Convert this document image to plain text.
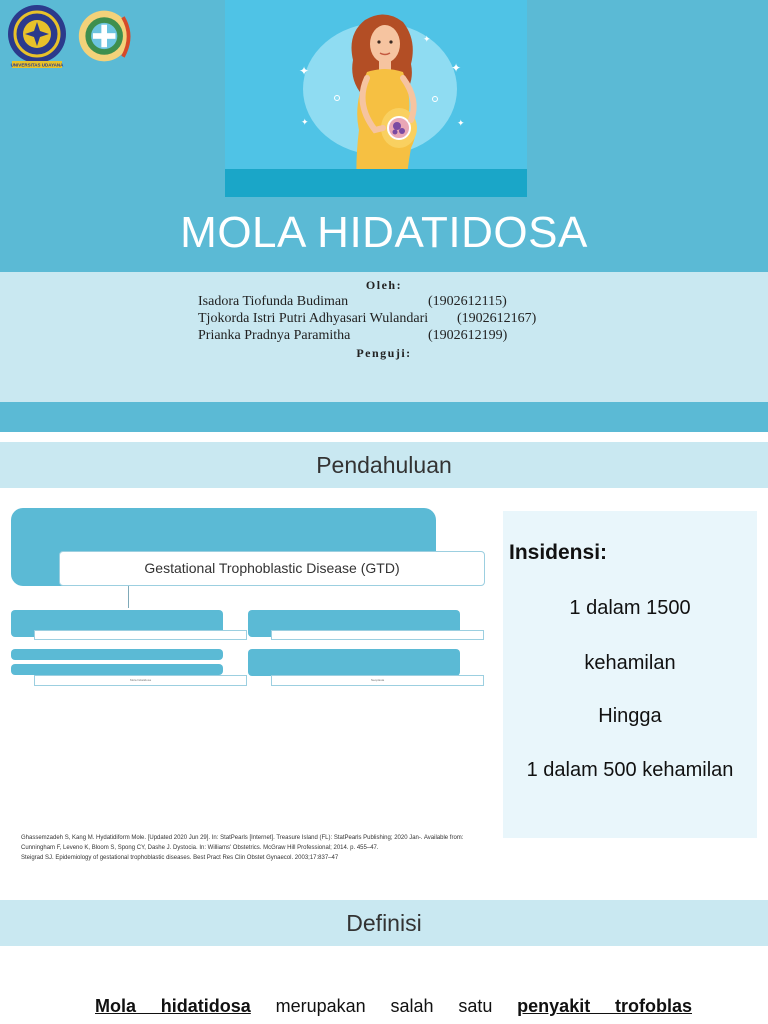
UNIVERSITAS UDAYANA	✦	✦
✦
✦
✦
MOLA HIDATIDOSA
Oleh:
Isadora Tiofunda Budiman	(1902612115)
Tjokorda Istri Putri Adhyasari Wulandari (1902612167)
Prianka Pradnya Paramitha	(1902612199)
Penguji:
Pendahuluan
Gestational Trophoblastic Disease (GTD)
Mola hidatidosa	Neoplasia
Insidensi:
1 dalam 1500
kehamilan
Hingga
1 dalam 500 kehamilan
Ghassemzadeh S, Kang M. Hydatidiform Mole. [Updated 2020 Jun 29]. In: StatPearls [Internet]. Treasure Island (FL): StatPearls Publishing; 2020 Jan-. Available from:
Cunningham F, Leveno K, Bloom S, Spong CY, Dashe J. Dystocia. In: Williams' Obstetrics. McGraw Hill Professional; 2014. p. 455–47.
Steigrad SJ. Epidemiology of gestational trophoblastic diseases. Best Pract Res Clin Obstet Gynaecol. 2003;17:837–47
Definisi
Mola hidatidosa merupakan salah satu penyakit trofoblas
